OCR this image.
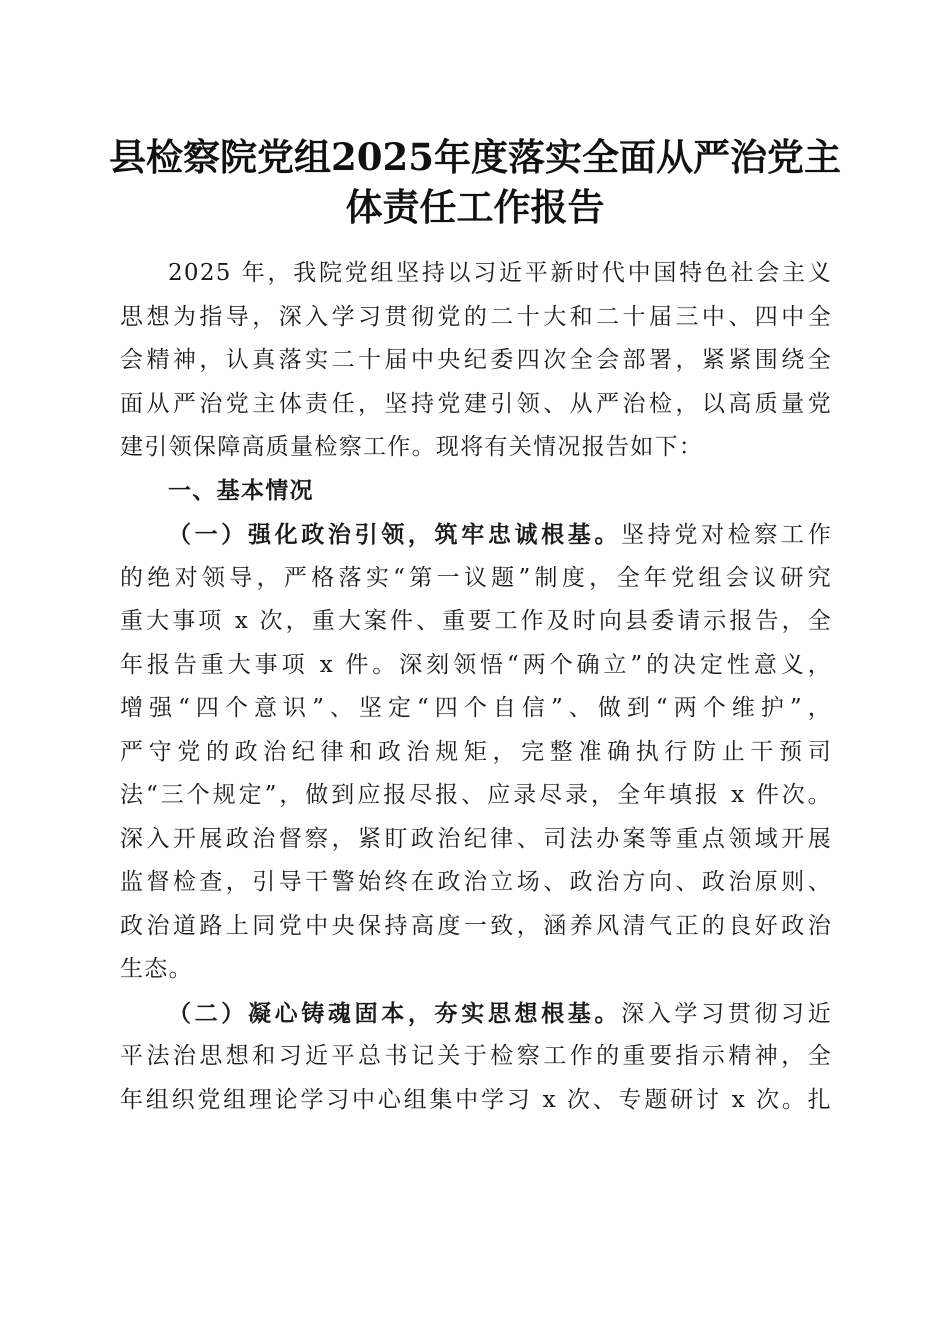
县检察院党组2025年度落实全面从严治党主
体责任工作报告
2025 年，我院党组坚持以习近平新时代中国特色社会主义
思想为指导，深入学习贯彻党的二十大和二十届三中、四中全
会精神，认真落实二十届中央纪委四次全会部署，紧紧围绕全
面从严治党主体责任，坚持党建引领、从严治检，以高质量党
建引领保障高质量检察工作。现将有关情况报告如下：
一、基本情况
（一）强化政治引领，筑牢忠诚根基。坚持党对检察工作
的绝对领导，严格落实“第一议题”制度，全年党组会议研究
重大事项 x 次，重大案件、重要工作及时向县委请示报告，全
年报告重大事项 x 件。深刻领悟“两个确立”的决定性意义，
增强“四个意识”、坚定“四个自信”、做到“两个维护”，
严守党的政治纪律和政治规矩，完整准确执行防止干预司
法“三个规定”，做到应报尽报、应录尽录，全年填报 x 件次。
深入开展政治督察，紧盯政治纪律、司法办案等重点领域开展
监督检查，引导干警始终在政治立场、政治方向、政治原则、
政治道路上同党中央保持高度一致，涵养风清气正的良好政治
生态。
（二）凝心铸魂固本，夯实思想根基。深入学习贯彻习近
平法治思想和习近平总书记关于检察工作的重要指示精神，全
年组织党组理论学习中心组集中学习 x 次、专题研讨 x 次。扎
